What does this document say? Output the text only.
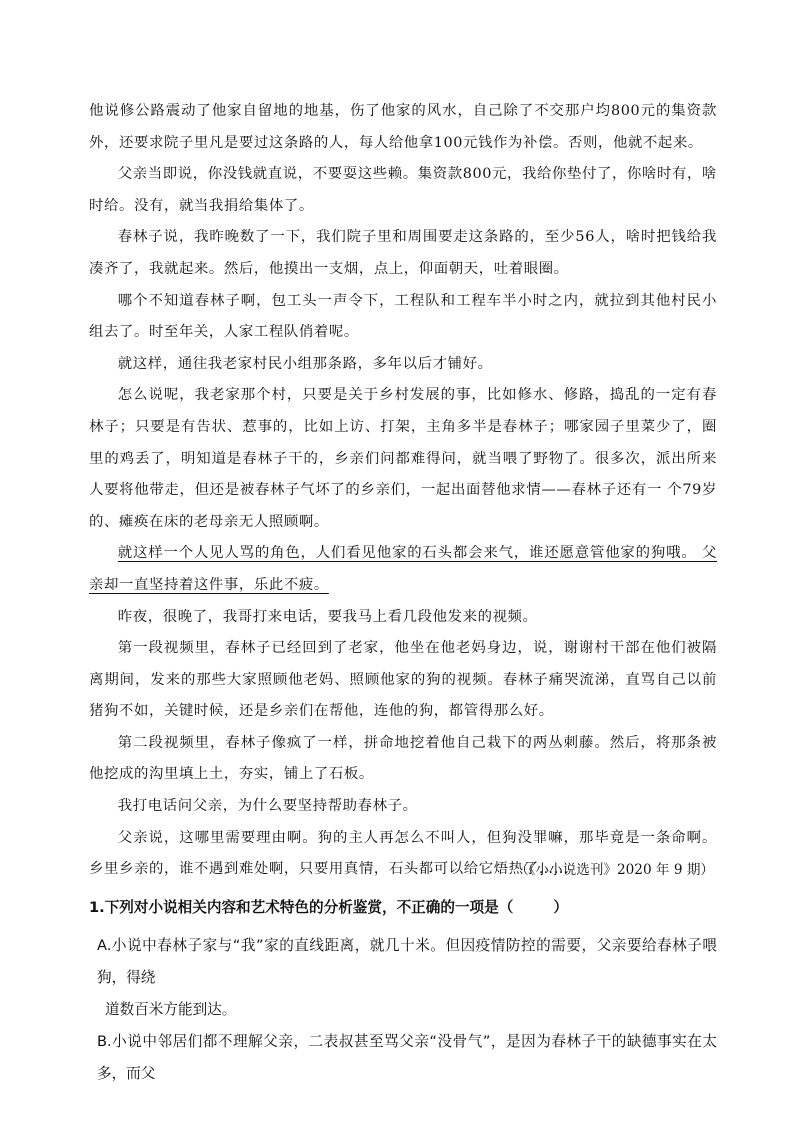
他说修公路震动了他家自留地的地基，伤了他家的风水，自己除了不交那户均800元的集资款外，还要求院子里凡是要过这条路的人，每人给他拿100元钱作为补偿。否则，他就不起来。

父亲当即说，你没钱就直说，不要耍这些赖。集资款800元，我给你垫付了，你啥时有，啥时给。没有，就当我捐给集体了。

春林子说，我昨晚数了一下，我们院子里和周围要走这条路的，至少56人，啥时把钱给我凑齐了，我就起来。然后，他摸出一支烟，点上，仰面朝天，吐着眼圈。

哪个不知道春林子啊，包工头一声令下，工程队和工程车半小时之内，就拉到其他村民小组去了。时至年关，人家工程队俏着呢。

就这样，通往我老家村民小组那条路，多年以后才铺好。

怎么说呢，我老家那个村，只要是关于乡村发展的事，比如修水、修路，捣乱的一定有春林子；只要是有告状、惹事的，比如上访、打架，主角多半是春林子；哪家园子里菜少了，圈里的鸡丢了，明知道是春林子干的，乡亲们问都难得问，就当喂了野物了。很多次，派出所来人要将他带走，但还是被春林子气坏了的乡亲们，一起出面替他求情——春林子还有一 个79岁的、瘫痪在床的老母亲无人照顾啊。

就这样一个人见人骂的角色，人们看见他家的石头都会来气，谁还愿意管他家的狗哦。 父亲却一直坚持着这件事，乐此不疲。

昨夜，很晚了，我哥打来电话，要我马上看几段他发来的视频。

第一段视频里，春林子已经回到了老家，他坐在他老妈身边，说，谢谢村干部在他们被隔离期间，发来的那些大家照顾他老妈、照顾他家的狗的视频。春林子痛哭流涕，直骂自己以前猪狗不如，关键时候，还是乡亲们在帮他，连他的狗，都管得那么好。

第二段视频里，春林子像疯了一样，拼命地挖着他自己栽下的两丛刺藤。然后，将那条被他挖成的沟里填上土，夯实，铺上了石板。

我打电话问父亲，为什么要坚持帮助春林子。

父亲说，这哪里需要理由啊。狗的主人再怎么不叫人，但狗没罪嘛，那毕竟是一条命啊。乡里乡亲的，谁不遇到难处啊，只要用真情，石头都可以给它焐热了……

（《小小说选刊》2020 年 9 期）

1.下列对小说相关内容和艺术特色的分析鉴赏，不正确的一项是（	）

A.小说中春林子家与“我”家的直线距离，就几十米。但因疫情防控的需要，父亲要给春林子喂狗，得绕
道数百米方能到达。
B.小说中邻居们都不理解父亲，二表叔甚至骂父亲“没骨气”，是因为春林子干的缺德事实在太多，而父
